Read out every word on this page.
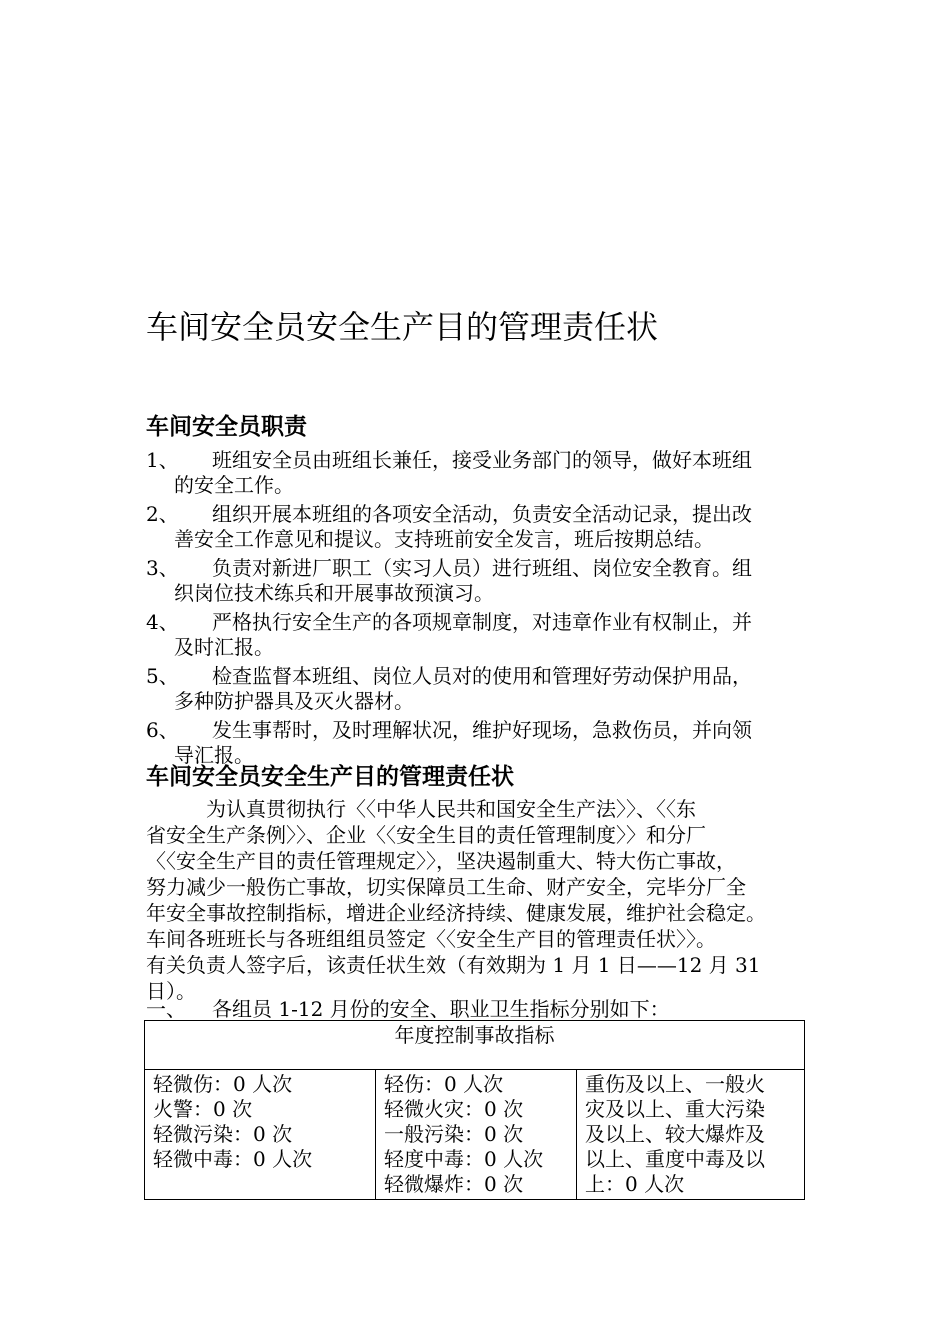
车间安全员安全生产目的管理责任状
车间安全员职责
1、	班组安全员由班组长兼任，接受业务部门的领导，做好本班组
的安全工作。
2、	组织开展本班组的各项安全活动，负责安全活动记录，提出改
善安全工作意见和提议。支持班前安全发言，班后按期总结。
3、	负责对新进厂职工（实习人员）进行班组、岗位安全教育。组
织岗位技术练兵和开展事故预演习。
4、	严格执行安全生产的各项规章制度，对违章作业有权制止，并
及时汇报。
5、	检查监督本班组、岗位人员对的使用和管理好劳动保护用品，
多种防护器具及灭火器材。
6、	发生事帮时，及时理解状况，维护好现场，急救伤员，并向领
导汇报。
车间安全员安全生产目的管理责任状
　　　为认真贯彻执行〈〈中华人民共和国安全生产法〉〉、〈〈东
省安全生产条例〉〉、企业〈〈安全生目的责任管理制度〉〉和分厂
〈〈安全生产目的责任管理规定〉〉，坚决遏制重大、特大伤亡事故，
努力减少一般伤亡事故，切实保障员工生命、财产安全，完毕分厂全
年安全事故控制指标，增进企业经济持续、健康发展，维护社会稳定。
车间各班班长与各班组组员签定〈〈安全生产目的管理责任状〉〉。
有关负责人签字后，该责任状生效（有效期为 1 月 1 日——12 月 31
日）。
一、 各组员 1-12 月份的安全、职业卫生指标分别如下：
年度控制事故指标

轻微伤：0 人次
火警：0 次
轻微污染：0 次
轻微中毒：0 人次

轻伤：0 人次
轻微火灾：0 次
一般污染：0 次
轻度中毒：0 人次
轻微爆炸：0 次

重伤及以上、一般火
灾及以上、重大污染
及以上、较大爆炸及
以上、重度中毒及以
上：0 人次
